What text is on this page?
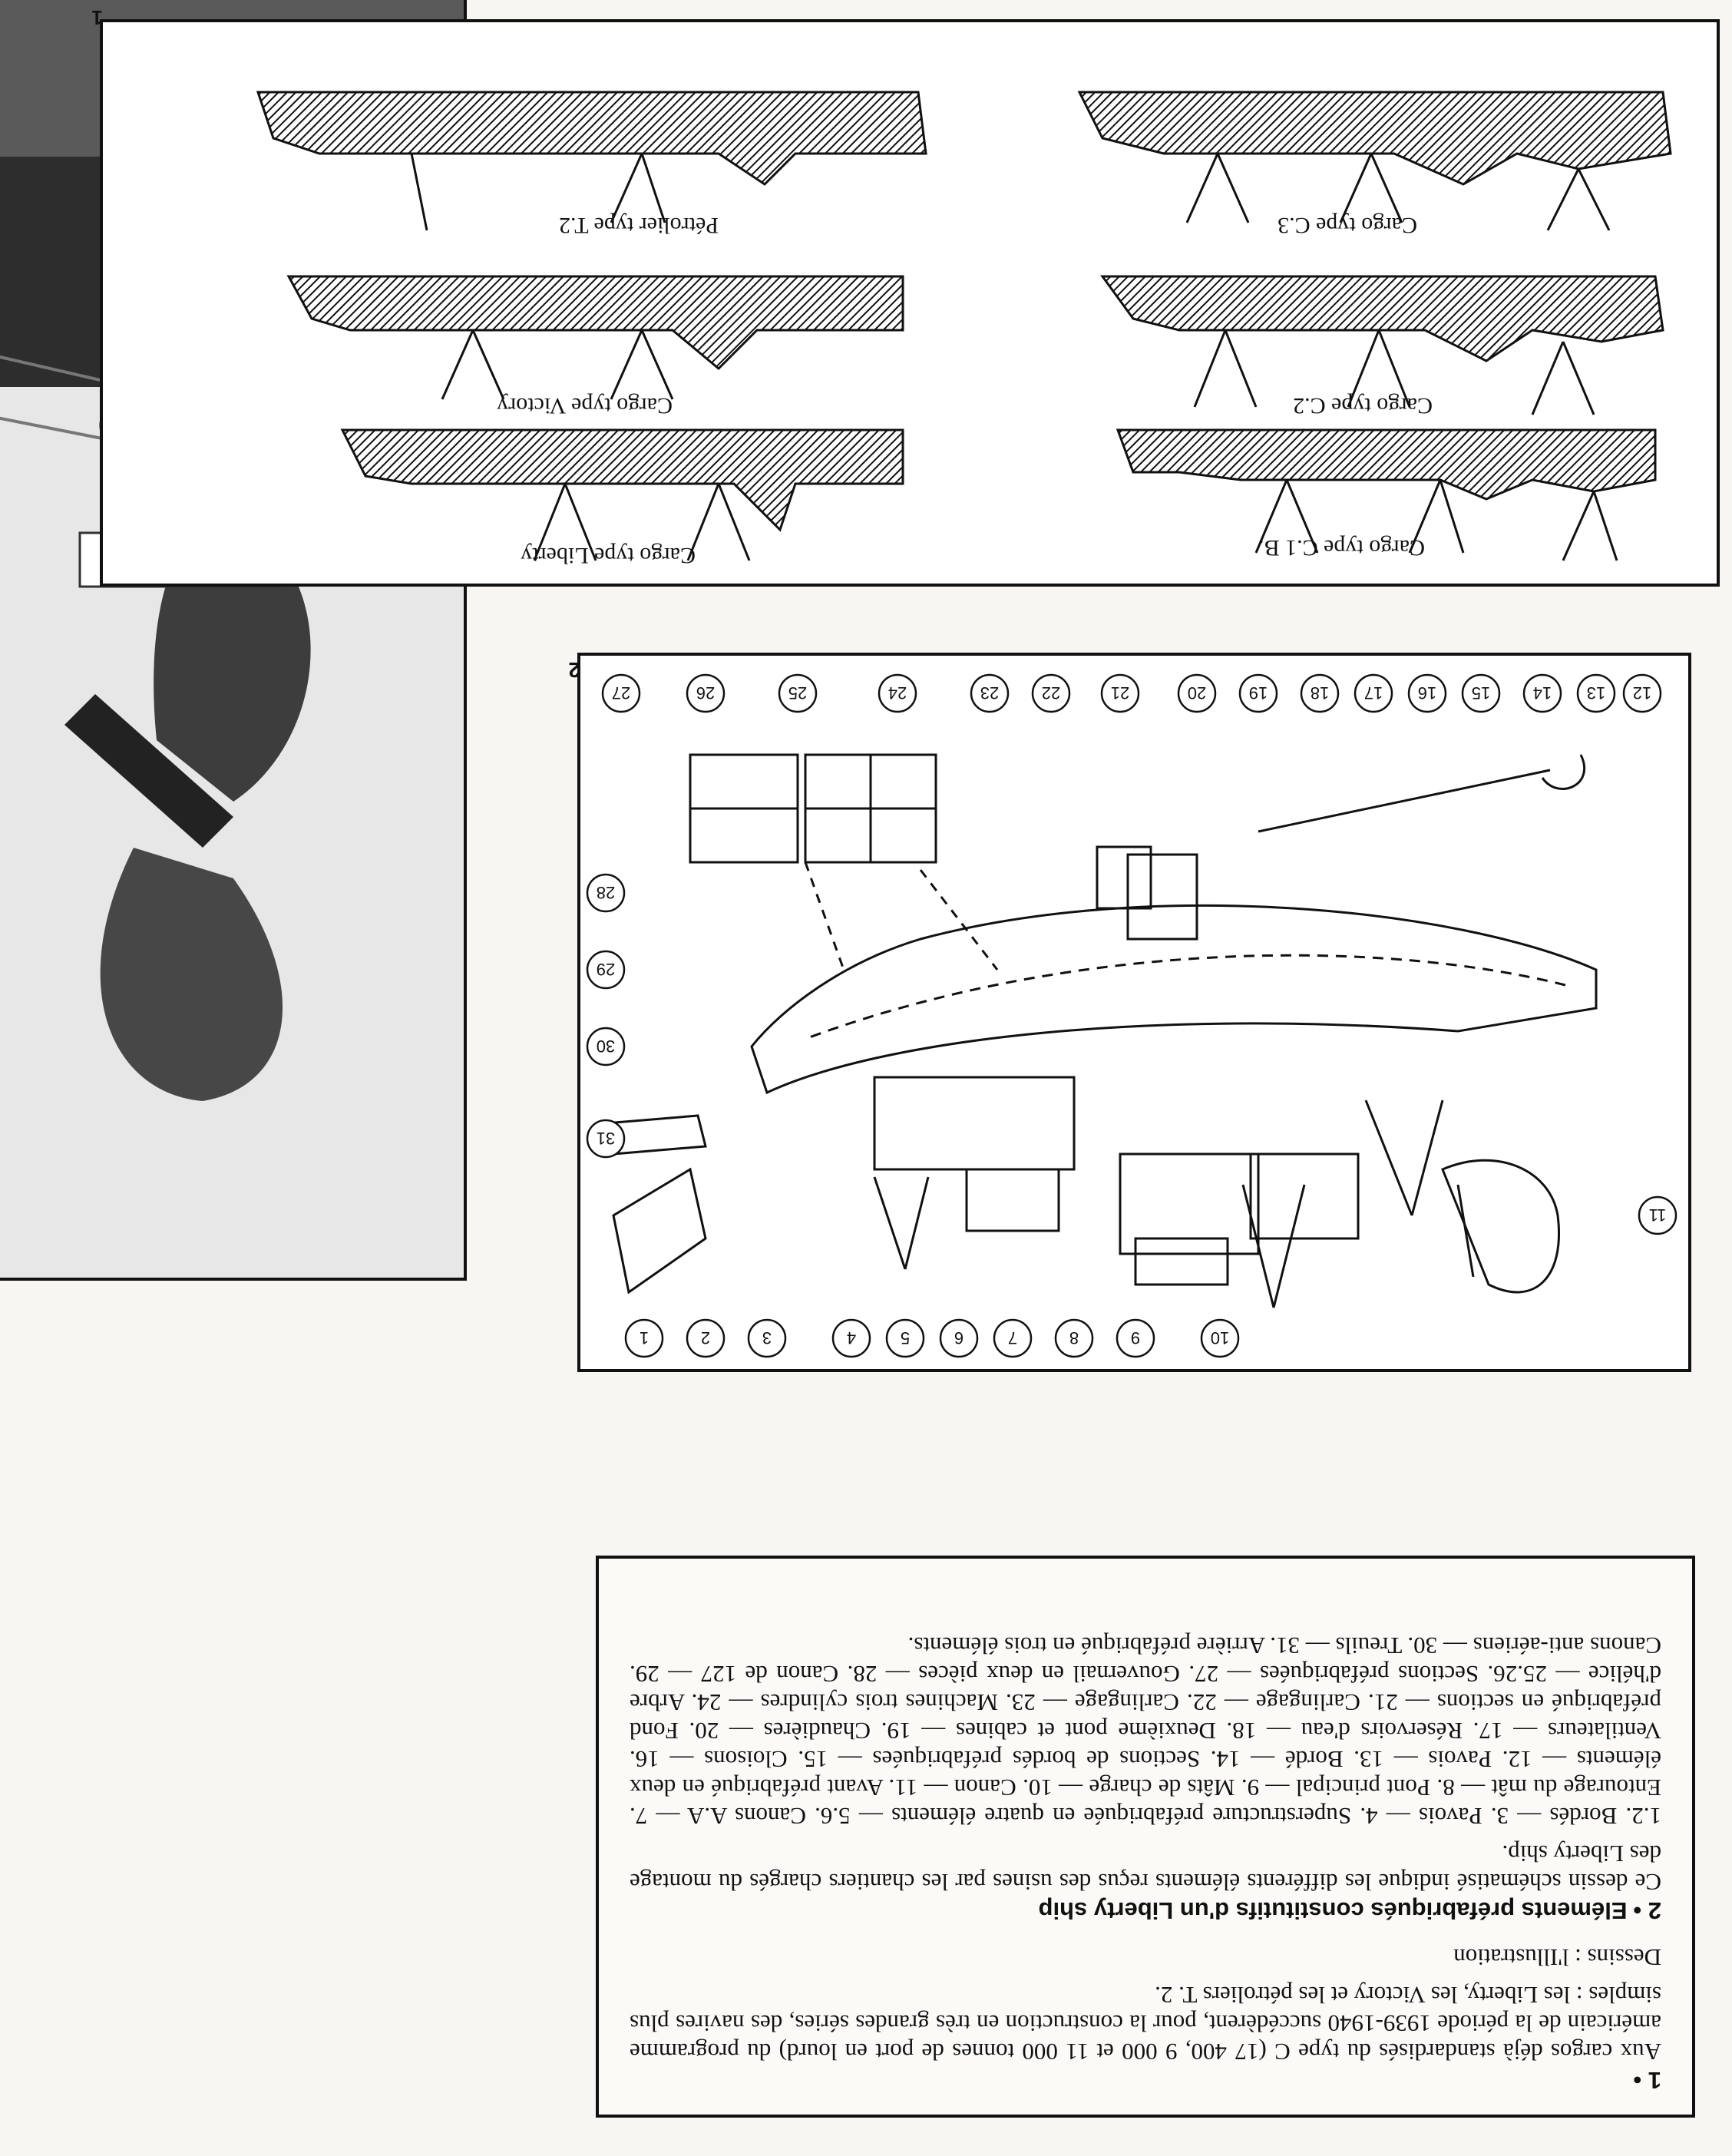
1 •

Aux cargos déjà standardisés du type C (17 400, 9 000 et 11 000 tonnes de port en lourd) du programme américain de la période 1939-1940 succédèrent, pour la construction en très grandes séries, des navires plus simples : les Liberty, les Victory et les pétroliers T. 2.

Dessins : l'Illustration

2 • Eléments préfabriqués constitutifs d'un Liberty ship

Ce dessin schématisé indique les différents éléments reçus des usines par les chantiers chargés du montage des Liberty ship.

1.2. Bordés — 3. Pavois — 4. Superstructure préfabriquée en quatre éléments — 5.6. Canons A.A — 7. Entourage du mât — 8. Pont principal — 9. Mâts de charge — 10. Canon — 11. Avant préfabriqué en deux éléments — 12. Pavois — 13. Bordé — 14. Sections de bordés préfabriquées — 15. Cloisons — 16. Ventilateurs — 17. Réservoirs d'eau — 18. Deuxième pont et cabines — 19. Chaudières — 20. Fond préfabriqué en sections — 21. Carlingage — 22. Carlingage — 23. Machines trois cylindres — 24. Arbre d'hélice — 25.26. Sections préfabriquées — 27. Gouvernail en deux pièces — 28. Canon de 127 — 29. Canons anti-aériens — 30. Treuils — 31. Arrière préfabriqué en trois éléments.

1	2	3	4	5	6	7	8	9	10
11
12
13
14
15
16
17
18
19
20
21
22
23
24
25
26
27
28
29
30
31
2
Cargo type C.1 B.
Cargo type Liberty
Cargo type C.2
Cargo type Victory
Cargo type C.3
Pétrolier type T.2
1
